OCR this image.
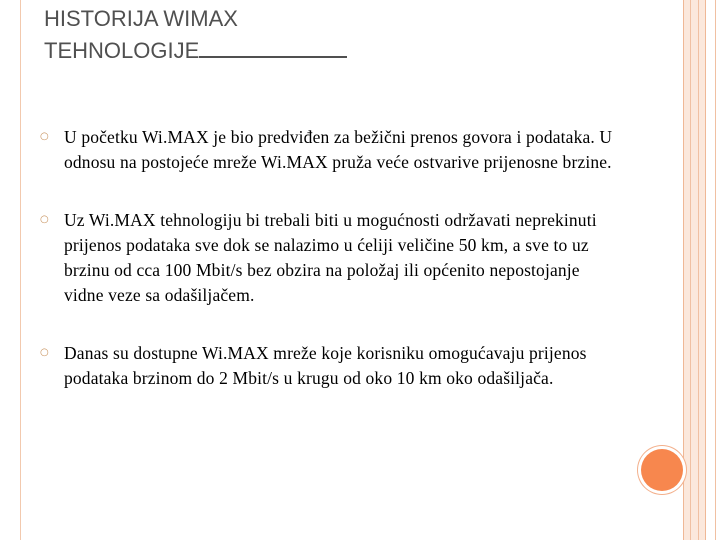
HISTORIJA WIMAX
TEHNOLOGIJE
○ U početku Wi.MAX je bio predviđen za bežični prenos govora i podataka. U
odnosu na postojeće mreže Wi.MAX pruža veće ostvarive prijenosne brzine.

○ Uz Wi.MAX tehnologiju bi trebali biti u mogućnosti održavati neprekinuti
prijenos podataka sve dok se nalazimo u ćeliji veličine 50 km, a sve to uz
brzinu od cca 100 Mbit/s bez obzira na položaj ili općenito nepostojanje
vidne veze sa odašiljačem.

○ Danas su dostupne Wi.MAX mreže koje korisniku omogućavaju prijenos
podataka brzinom do 2 Mbit/s u krugu od oko 10 km oko odašiljača.
